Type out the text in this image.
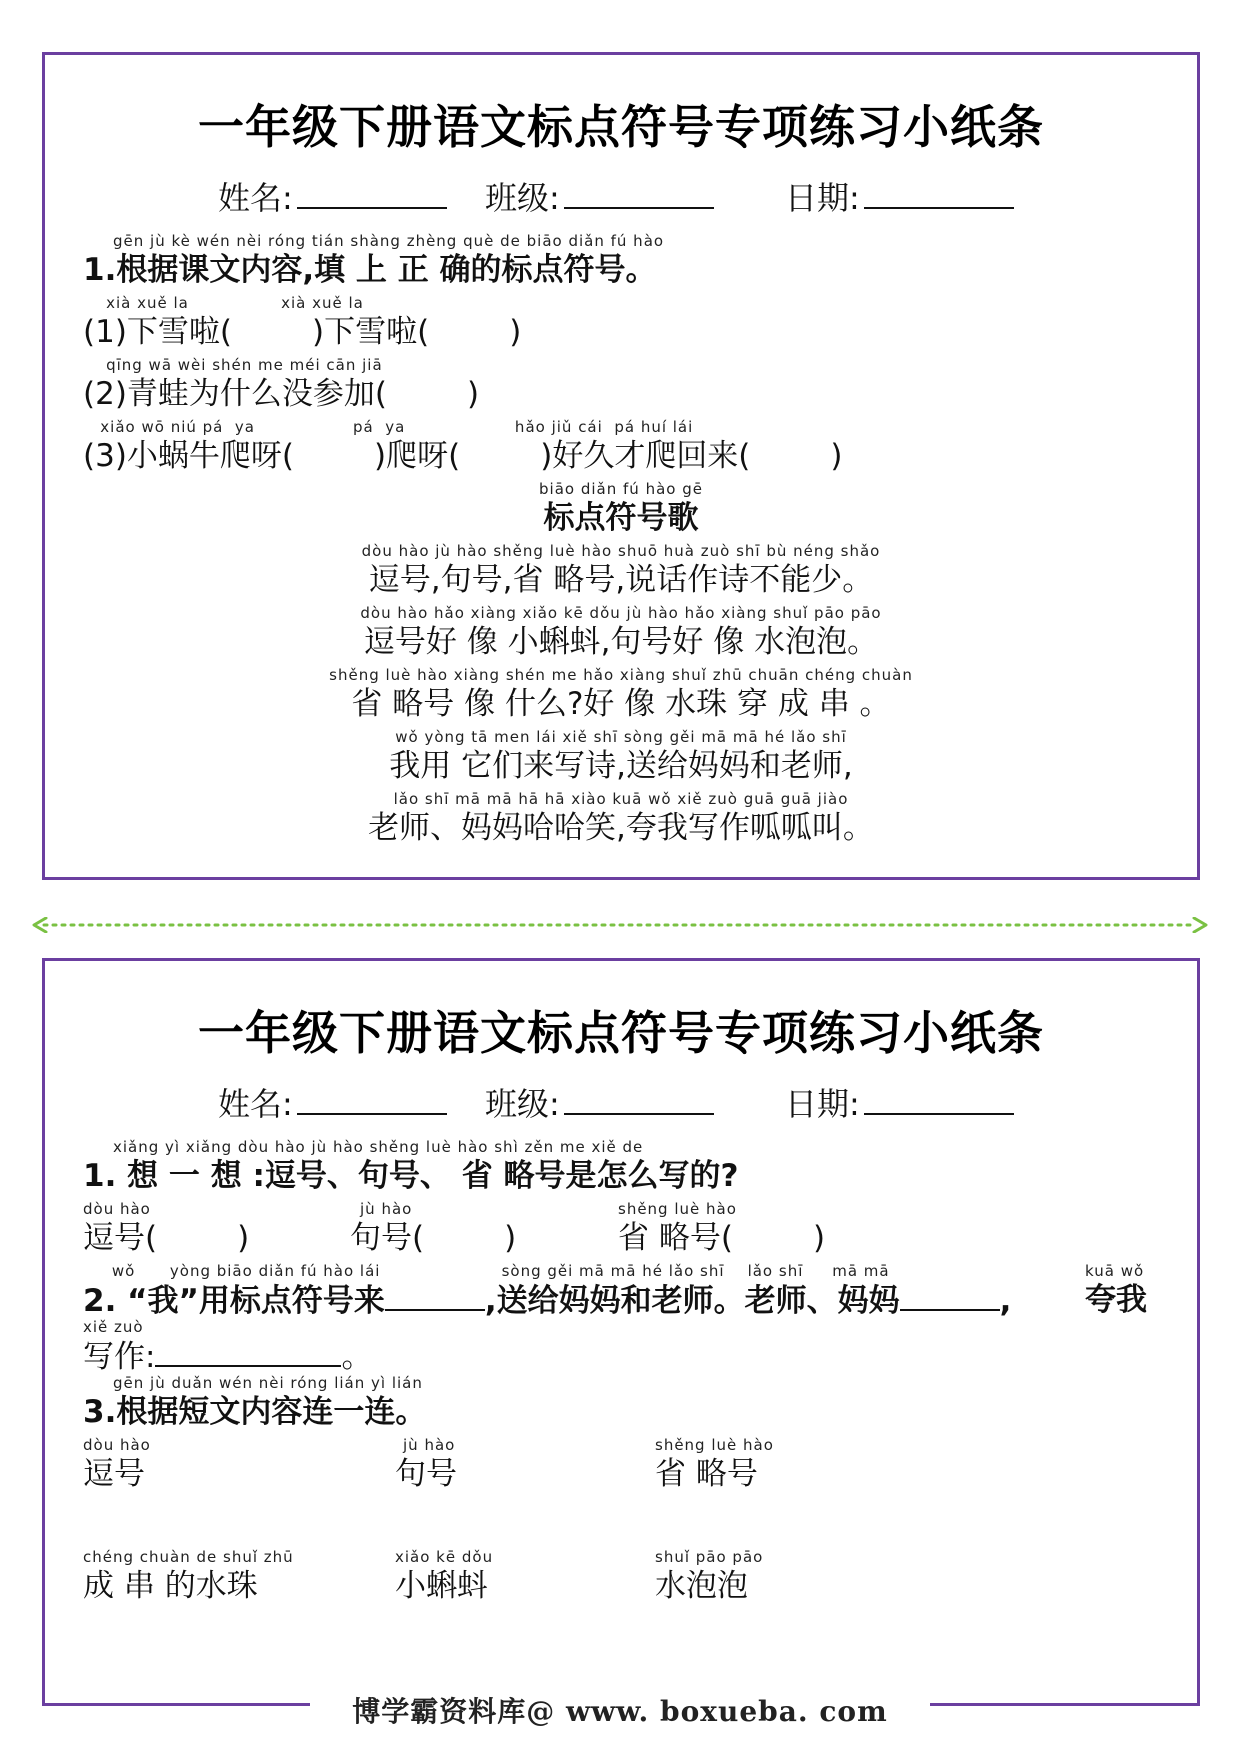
一年级下册语文标点符号专项练习小纸条
姓名:	班级:	日期:
gēn jù kè wén nèi róng tián shàng zhèng què de biāo diǎn fú hào
1.根据课文内容,填 上 正 确的标点符号。
xià xuě la                xià xuě la
(1)下雪啦(	)下雪啦(	)
qīng wā wèi shén me méi cān jiā
(2)青蛙为什么没参加(	)
xiǎo wō niú pá  ya                 pá  ya                   hǎo jiǔ cái  pá huí lái
(3)小蜗牛爬呀(	)爬呀(	)好久才爬回来(	)
biāo diǎn fú hào gē
标点符号歌
dòu hào jù hào shěng luè hào shuō huà zuò shī bù néng shǎo
逗号,句号,省 略号,说话作诗不能少。
dòu hào hǎo xiàng xiǎo kē dǒu jù hào hǎo xiàng shuǐ pāo pāo
逗号好 像 小蝌蚪,句号好 像 水泡泡。
shěng luè hào xiàng shén me hǎo xiàng shuǐ zhū chuān chéng chuàn
省 略号 像 什么?好 像 水珠 穿 成 串 。
wǒ yòng tā men lái xiě shī sòng gěi mā mā hé lǎo shī
我用 它们来写诗,送给妈妈和老师,
lǎo shī mā mā hā hā xiào kuā wǒ xiě zuò guā guā jiào
老师、妈妈哈哈笑,夸我写作呱呱叫。
一年级下册语文标点符号专项练习小纸条
姓名:	班级:	日期:
xiǎng yì xiǎng dòu hào jù hào shěng luè hào shì zěn me xiě de
1. 想 一 想 :逗号、句号、 省 略号是怎么写的?
dòu hào
逗号(	)
jù hào
句号(	)
shěng luè hào
省 略号(	)
wǒ      yòng biāo diǎn fú hào lái                     sòng gěi mā mā hé lǎo shī    lǎo shī     mā mā
2. “我”用标点符号来	,送给妈妈和老师。老师、妈妈	,
kuā wǒ
夸我
xiě zuò
写作:	。
gēn jù duǎn wén nèi róng lián yì lián
3.根据短文内容连一连。
dòu hào
逗号
jù hào
句号
shěng luè hào
省 略号
chéng chuàn de shuǐ zhū
成 串 的水珠
xiǎo kē dǒu
小蝌蚪
shuǐ pāo pāo
水泡泡
博学霸资料库@ www. boxueba. com
